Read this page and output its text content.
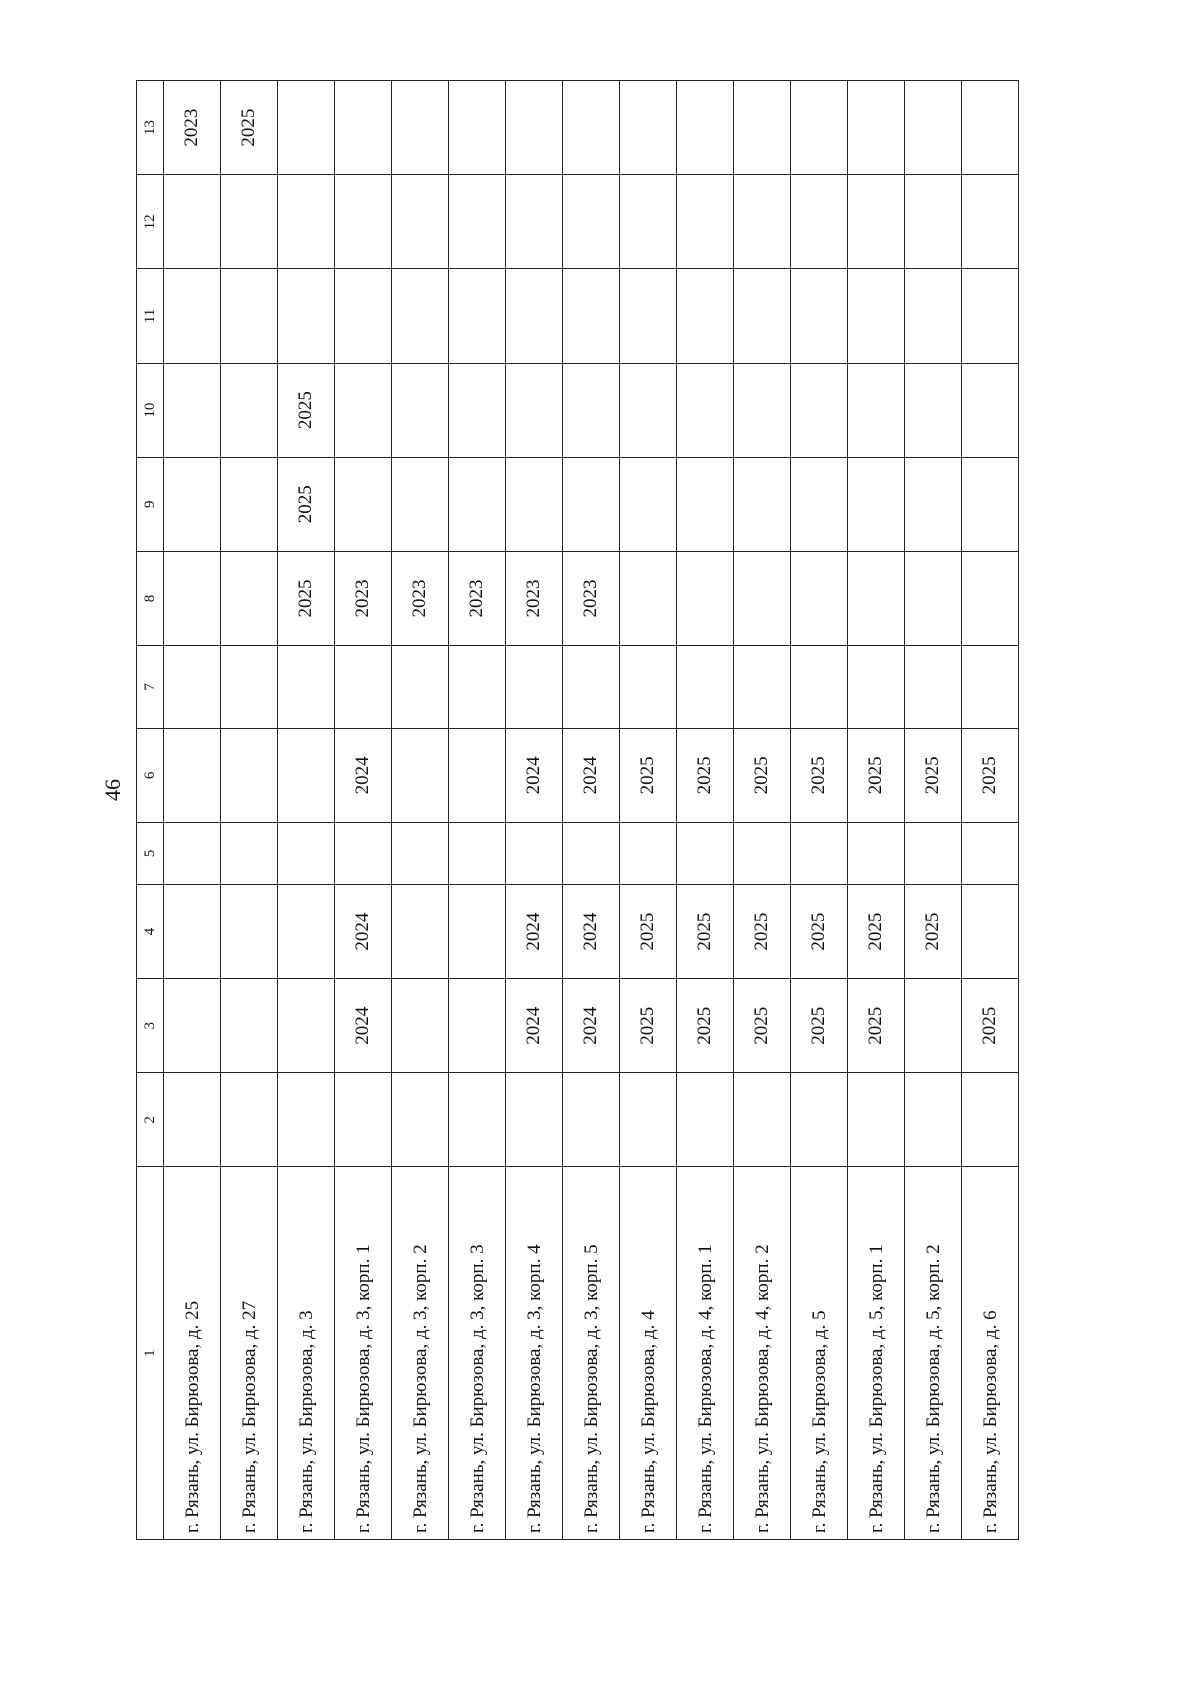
46
1	2	3	4	5	6	7	8	9	10	11	12	13
г. Рязань, ул. Бирюзова, д. 25												2023
г. Рязань, ул. Бирюзова, д. 27												2025
г. Рязань, ул. Бирюзова, д. 3							2025	2025	2025			
г. Рязань, ул. Бирюзова, д. 3, корп. 1		2024	2024		2024		2023					
г. Рязань, ул. Бирюзова, д. 3, корп. 2							2023					
г. Рязань, ул. Бирюзова, д. 3, корп. 3							2023					
г. Рязань, ул. Бирюзова, д. 3, корп. 4		2024	2024		2024		2023					
г. Рязань, ул. Бирюзова, д. 3, корп. 5		2024	2024		2024		2023					
г. Рязань, ул. Бирюзова, д. 4		2025	2025		2025							
г. Рязань, ул. Бирюзова, д. 4, корп. 1		2025	2025		2025							
г. Рязань, ул. Бирюзова, д. 4, корп. 2		2025	2025		2025							
г. Рязань, ул. Бирюзова, д. 5		2025	2025		2025							
г. Рязань, ул. Бирюзова, д. 5, корп. 1		2025	2025		2025							
г. Рязань, ул. Бирюзова, д. 5, корп. 2			2025		2025							
г. Рязань, ул. Бирюзова, д. 6		2025			2025							
